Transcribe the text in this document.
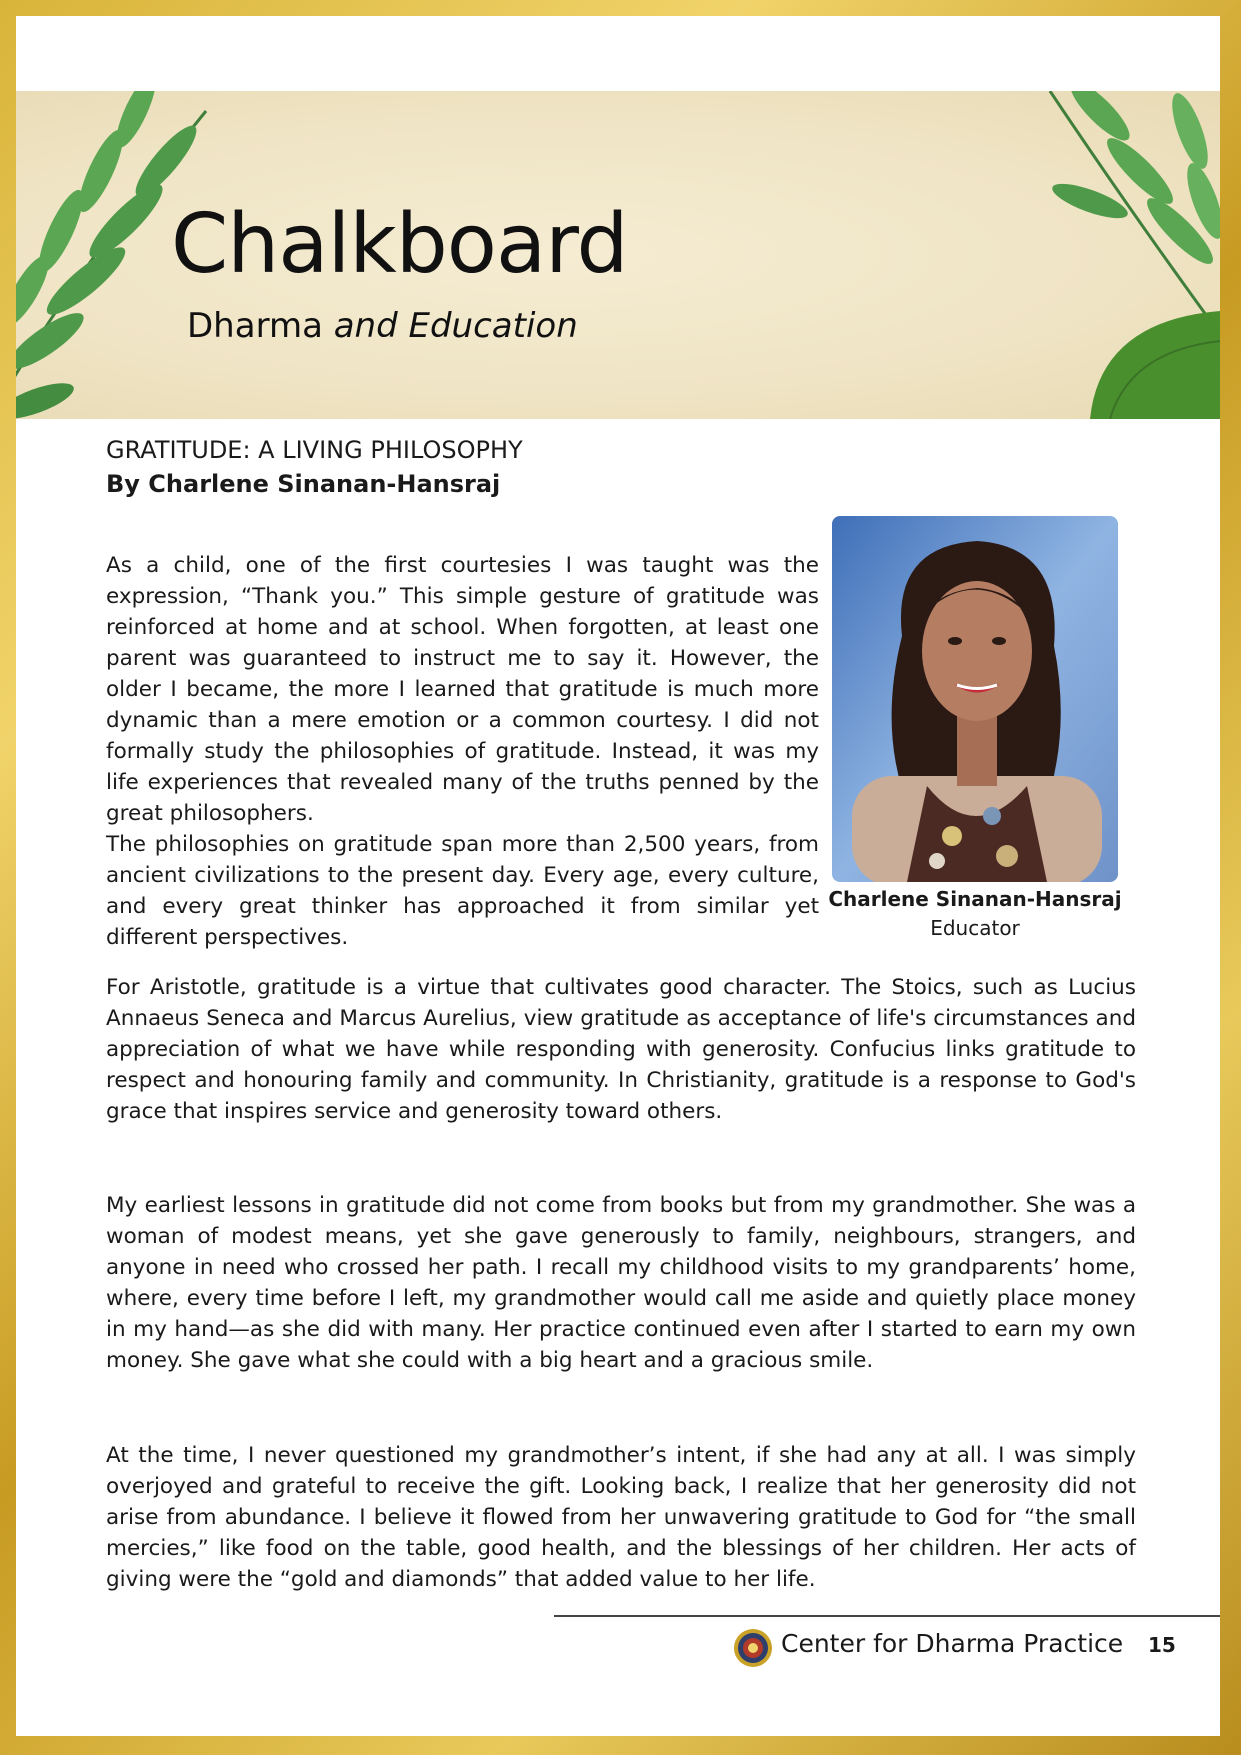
Chalkboard

Dharma and Education

GRATITUDE: A LIVING PHILOSOPHY

By Charlene Sinanan-Hansraj

As a child, one of the first courtesies I was taught was the expression, “Thank you.” This simple gesture of gratitude was reinforced at home and at school. When forgotten, at least one parent was guaranteed to instruct me to say it. However, the older I became, the more I learned that gratitude is much more dynamic than a mere emotion or a common courtesy. I did not formally study the philosophies of gratitude. Instead, it was my life experiences that revealed many of the truths penned by the great philosophers.

The philosophies on gratitude span more than 2,500 years, from ancient civilizations to the present day. Every age, every culture, and every great thinker has approached it from similar yet different perspectives.

Charlene Sinanan-Hansraj

Educator

For Aristotle, gratitude is a virtue that cultivates good character. The Stoics, such as Lucius Annaeus Seneca and Marcus Aurelius, view gratitude as acceptance of life's circumstances and appreciation of what we have while responding with generosity. Confucius links gratitude to respect and honouring family and community. In Christianity, gratitude is a response to God's grace that inspires service and generosity toward others.

My earliest lessons in gratitude did not come from books but from my grandmother. She was a woman of modest means, yet she gave generously to family, neighbours, strangers, and anyone in need who crossed her path. I recall my childhood visits to my grandparents’ home, where, every time before I left, my grandmother would call me aside and quietly place money in my hand—as she did with many. Her practice continued even after I started to earn my own money. She gave what she could with a big heart and a gracious smile.

At the time, I never questioned my grandmother’s intent, if she had any at all. I was simply overjoyed and grateful to receive the gift. Looking back, I realize that her generosity did not arise from abundance. I believe it flowed from her unwavering gratitude to God for “the small mercies,” like food on the table, good health, and the blessings of her children. Her acts of giving were the “gold and diamonds” that added value to her life.

Center for Dharma Practice 15
